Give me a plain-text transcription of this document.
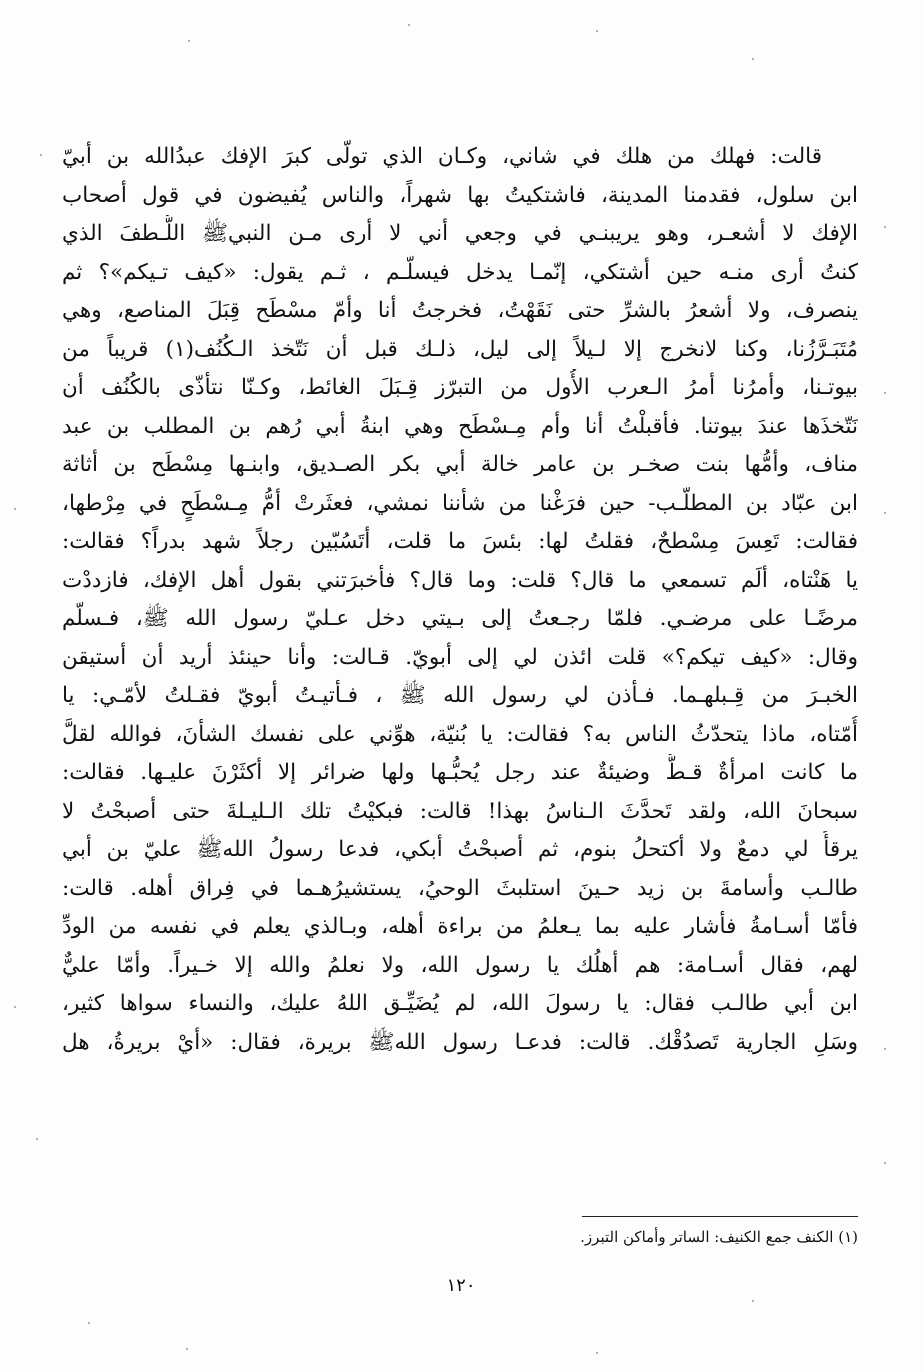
قالت: فهلك من هلك في شاني، وكـان الذي تولّى كبرَ الإفك عبدُالله بن أبيّ
ابن سلول، فقدمنا المدينة، فاشتكيتُ بها شهراً، والناس يُفيضون في قول أصحاب
الإفك لا أشعـر، وهو يريبنـي في وجعي أني لا أرى مـن النبيﷺ اللُّـطفَ الذي
كنتُ أرى منـه حين أشتكي، إنّمـا يدخل فيسلّـم ، ثـم يقول: «كيف تـيكم»؟ ثم
ينصرف، ولا أشعرُ بالشرِّ حتى نَقَهْتُ، فخرجتُ أنا وأمّ مسْطَح قِبَلَ المناصع، وهي
مُتَبَـرَّزُنا، وكنا لانخرج إلا لـيلاً إلى ليل، ذلـك قبل أن نَتّخذ الـكُنُف(١) قريباً من
بيوتـنا، وأمرُنا أمرُ الـعرب الأُول من التبرّز قِـبَلَ الغائط، وكـنّا نتأذّى بالكُنُف أن
نَتّخذَها عندَ بيوتنا. فأقبلْتُ أنا وأم مِـسْطَح وهي ابنةُ أبي رُهم بن المطلب بن عبد
مناف، وأمُّها بنت صخـر بن عامر خالة أبي بكر الصـديق، وابنـها مِسْطَح بن أثاثة
ابن عبّاد بن المطلّـب- حين فرَغْنا من شأننا نمشي، فعثَرتْ أمُّ مِـسْطَحٍ في مِرْطها،
فقالت: تَعِسَ مِسْطحٌ، فقلتُ لها: بئسَ ما قلت، أتَسُبّين رجلاً شهد بدراً؟ فقالت:
يا هَنْتاه، ألَم تسمعي ما قال؟ قلت: وما قال؟ فأخبرَتني بقول أهل الإفك، فازددْت
مرضًـا على مرضـي. فلمّا رجـعتُ إلى بـيتي دخل عـليّ رسول الله ﷺ، فـسلّم
وقال: «كيف تيكم؟» قلت ائذن لي إلى أبويّ. قـالت: وأنا حينئذ أريد أن أستيقن
الخبـرَ من قِـبلهـما. فـأذن لي رسول الله ﷺ ، فـأتيـتُ أبويّ فقـلتُ لأمّـي: يا
أُمّتاه، ماذا يتحدّثُ الناس به؟ فقالت: يا بُنيّة، هوِّني على نفسك الشأنَ، فوالله لقلَّ
ما كانت امرأةٌ قـطُّ وضيئةٌ عند رجل يُحبُّـها ولها ضرائر إلا أكثَرْنَ عليـها. فقالت:
سبحانَ الله، ولقد تَحدَّثَ الـناسُ بهذا! قالت: فبكيْتُ تلك الـليـلةَ حتى أصبحْتُ لا
يرقأُ لي دمعٌ ولا أكتحلُ بنوم، ثم أصبحْتُ أبكي، فدعا رسولُ اللهﷺ عليّ بن أبي
طالـب وأسامةَ بن زيد حـينَ استلبثَ الوحيُ، يستشيرُهـما في فِراق أهله. قالت:
فأمّا أسـامةُ فأشار عليه بما يـعلمُ من براءة أهله، وبـالذي يعلم في نفسه من الودِّ
لهم، فقال أسـامة: هم أهلُك يا رسول الله، ولا نعلمُ والله إلا خـيراً. وأمّا عليٌّ
ابن أبي طالـب فقال: يا رسولَ الله، لم يُضَيِّـق اللهُ عليك، والنساء سواها كثير،
وسَلِ الجارية تَصدُقْك. قالت: فدعـا رسول اللهﷺ بريرة، فقال: «أيْ بريرةُ، هل
(١) الكنف جمع الكنيف: الساتر وأماكن التبرز.
١٢٠
